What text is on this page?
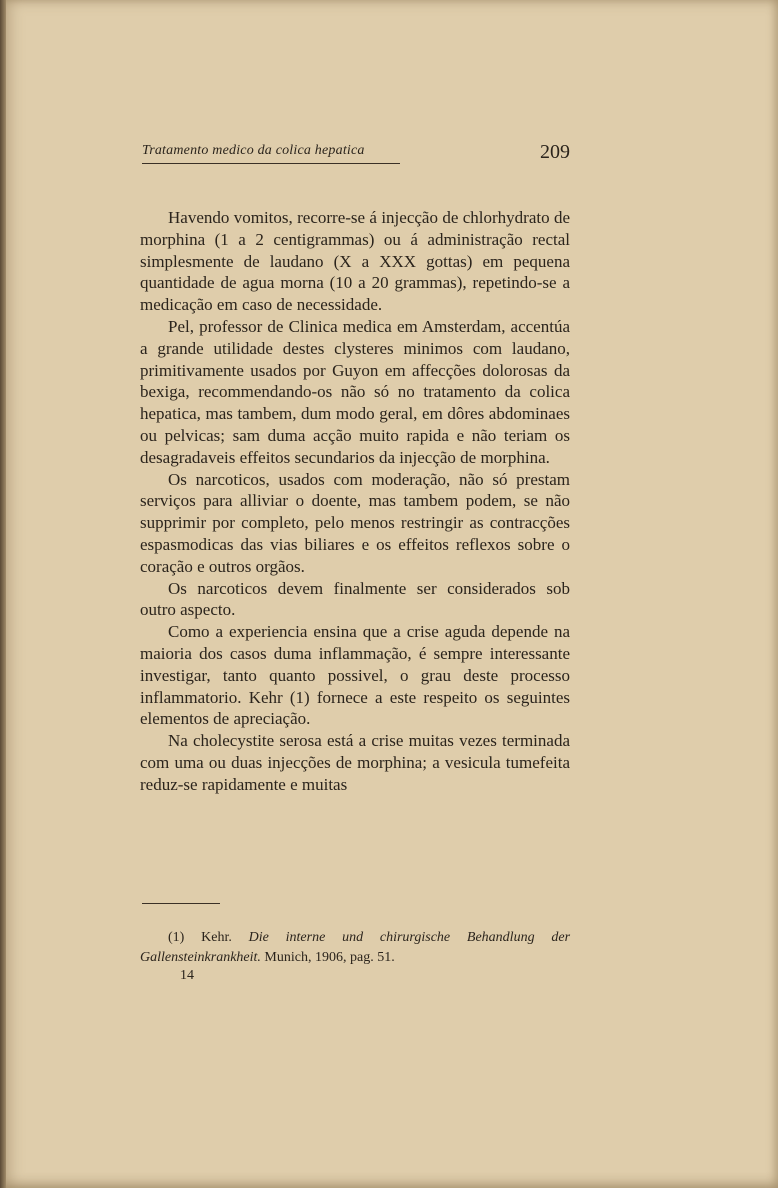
Tratamento medico da colica hepatica	209

Havendo vomitos, recorre-se á injecção de chlorhydrato de morphina (1 a 2 centigrammas) ou á administração rectal simplesmente de laudano (X a XXX gottas) em pequena quantidade de agua morna (10 a 20 grammas), repetindo-se a medicação em caso de necessidade.

Pel, professor de Clinica medica em Amsterdam, accentúa a grande utilidade destes clysteres minimos com laudano, primitivamente usados por Guyon em affecções dolorosas da bexiga, recommendando-os não só no tratamento da colica hepatica, mas tambem, dum modo geral, em dôres abdominaes ou pelvicas; sam duma acção muito rapida e não teriam os desagradaveis effeitos secundarios da injecção de morphina.

Os narcoticos, usados com moderação, não só prestam serviços para alliviar o doente, mas tambem podem, se não supprimir por completo, pelo menos restringir as contracções espasmodicas das vias biliares e os effeitos reflexos sobre o coração e outros orgãos.

Os narcoticos devem finalmente ser considerados sob outro aspecto.

Como a experiencia ensina que a crise aguda depende na maioria dos casos duma inflammação, é sempre interessante investigar, tanto quanto possivel, o grau deste processo inflammatorio. Kehr (1) fornece a este respeito os seguintes elementos de apreciação.

Na cholecystite serosa está a crise muitas vezes terminada com uma ou duas injecções de morphina; a vesicula tumefeita reduz-se rapidamente e muitas

(1) Kehr. Die interne und chirurgische Behandlung der Gallensteinkrankheit. Munich, 1906, pag. 51.
14
